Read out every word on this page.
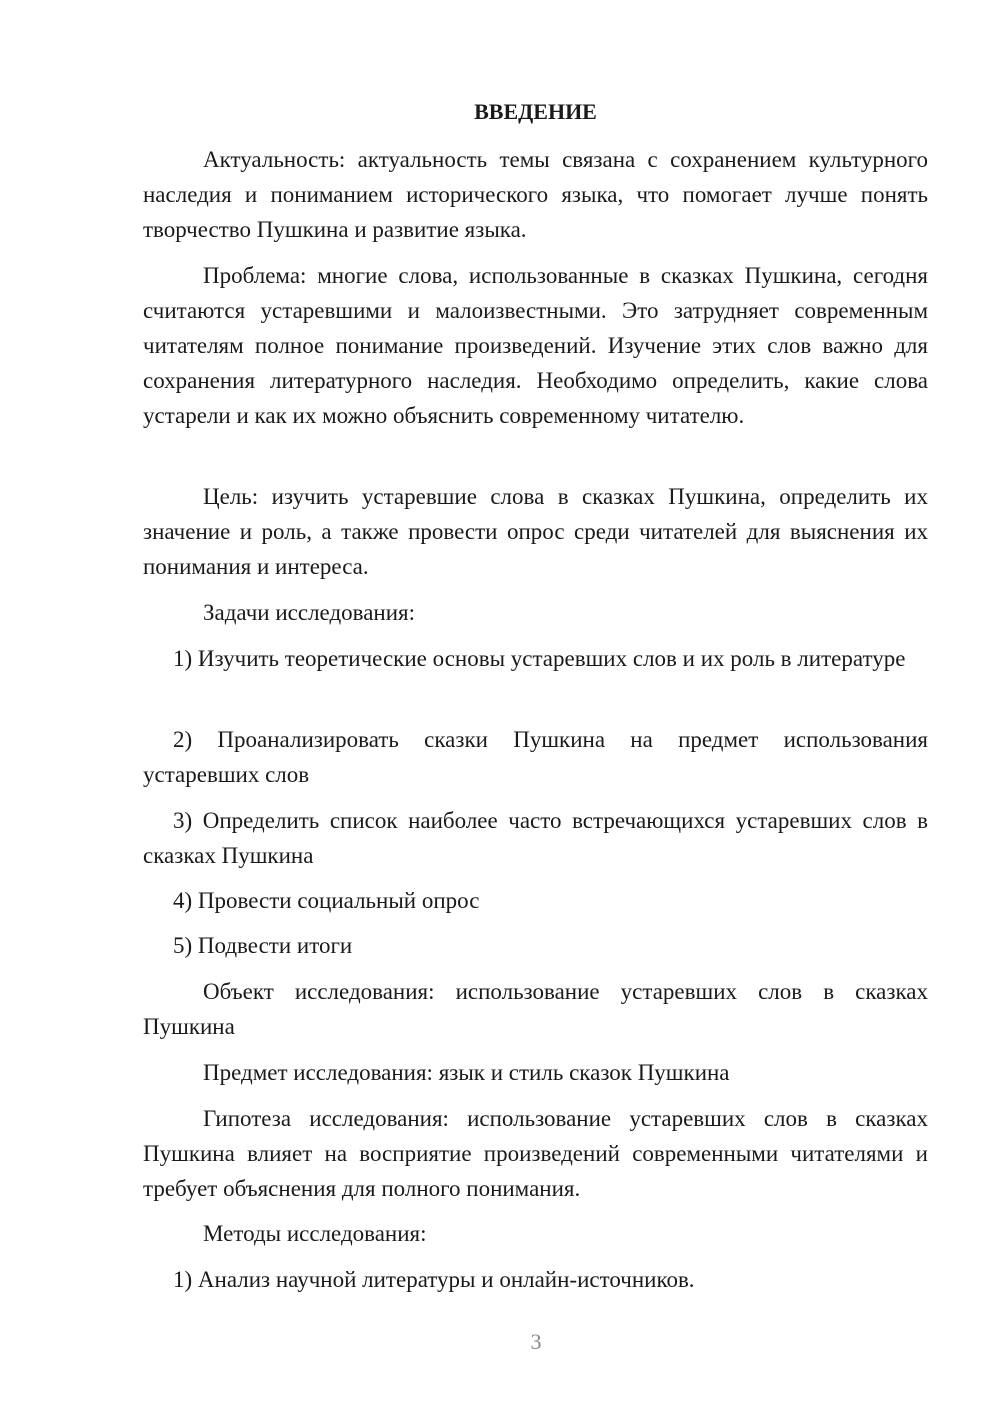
ВВЕДЕНИЕ
Актуальность: актуальность темы связана с сохранением культурного наследия и пониманием исторического языка, что помогает лучше понять творчество Пушкина и развитие языка.
Проблема: многие слова, использованные в сказках Пушкина, сегодня считаются устаревшими и малоизвестными. Это затрудняет современным читателям полное понимание произведений. Изучение этих слов важно для сохранения литературного наследия. Необходимо определить, какие слова устарели и как их можно объяснить современному читателю.
Цель: изучить устаревшие слова в сказках Пушкина, определить их значение и роль, а также провести опрос среди читателей для выяснения их понимания и интереса.
Задачи исследования:
1) Изучить теоретические основы устаревших слов и их роль в литературе
2) Проанализировать сказки Пушкина на предмет использования устаревших слов
3) Определить список наиболее часто встречающихся устаревших слов в сказках Пушкина
4) Провести социальный опрос
5) Подвести итоги
Объект исследования: использование устаревших слов в сказках Пушкина
Предмет исследования: язык и стиль сказок Пушкина
Гипотеза исследования: использование устаревших слов в сказках Пушкина влияет на восприятие произведений современными читателями и требует объяснения для полного понимания.
Методы исследования:
1) Анализ научной литературы и онлайн-источников.
3
